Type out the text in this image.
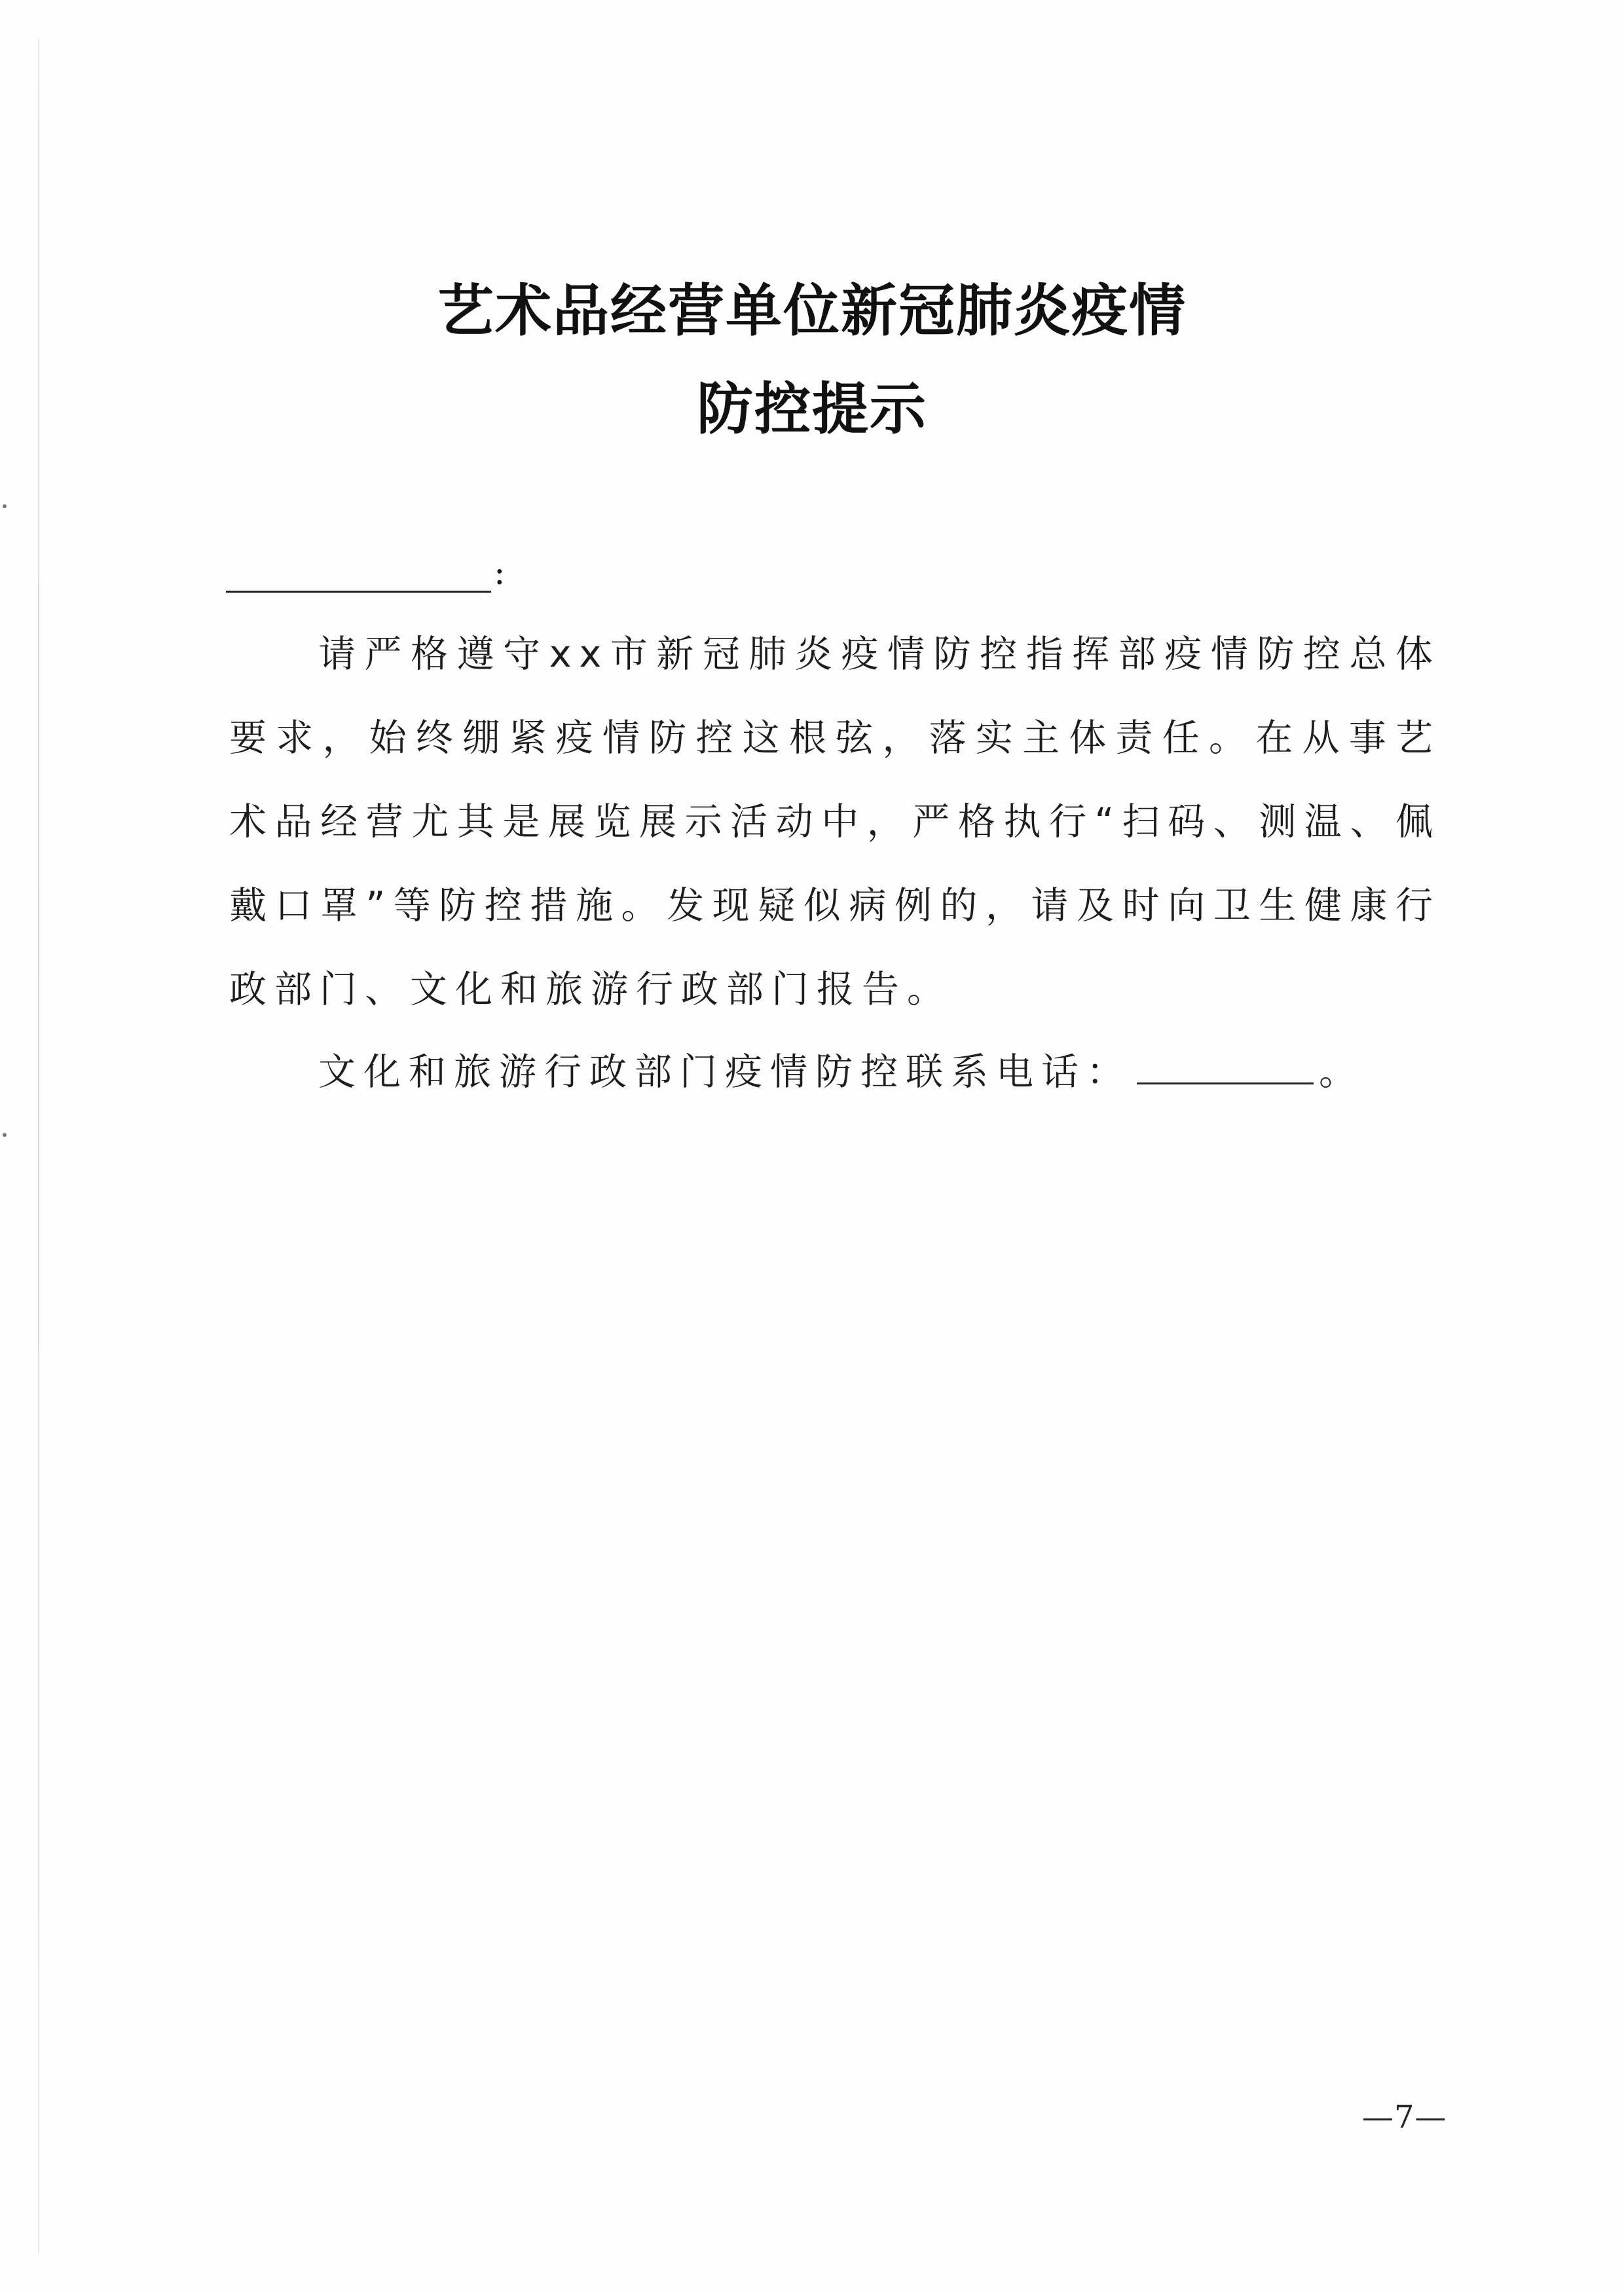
艺术品经营单位新冠肺炎疫情
防控提示
:
请严格遵守xx市新冠肺炎疫情防控指挥部疫情防控总体要求，始终绷紧疫情防控这根弦，落实主体责任。在从事艺术品经营尤其是展览展示活动中，严格执行“扫码、测温、佩戴口罩”等防控措施。发现疑似病例的，请及时向卫生健康行政部门、文化和旅游行政部门报告。
文化和旅游行政部门疫情防控联系电话：	。
—7—
